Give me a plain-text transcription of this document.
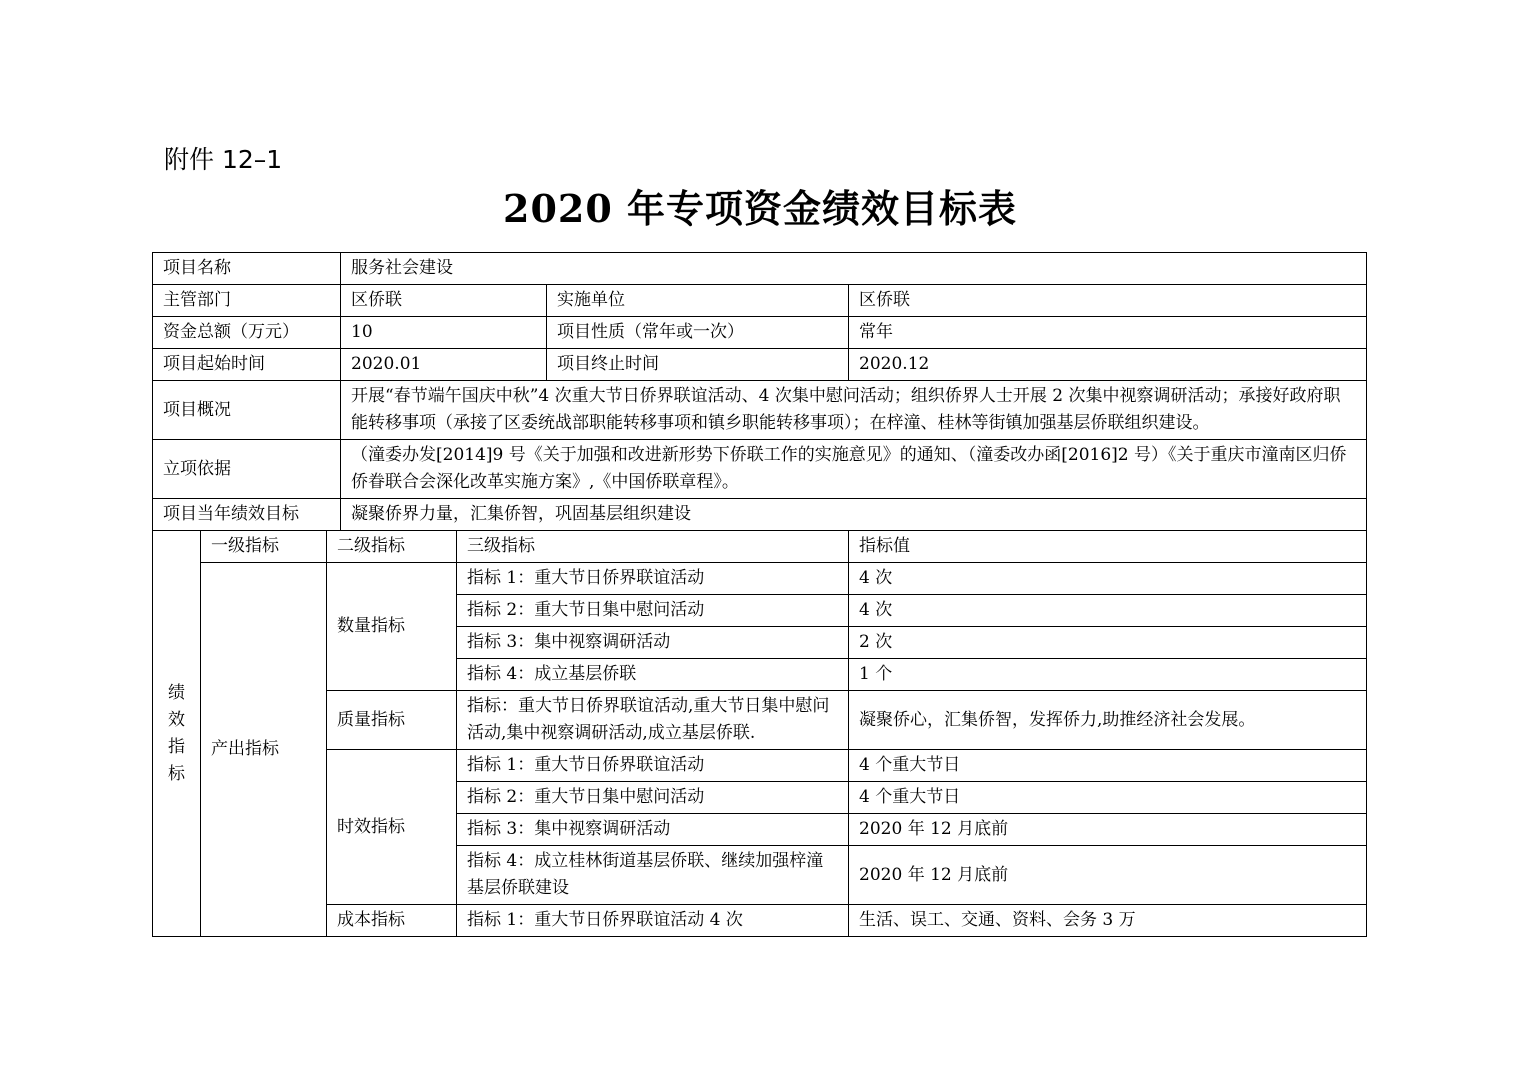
附件 12–1
2020 年专项资金绩效目标表
项目名称			服务社会建设			
主管部门			区侨联		实施单位	区侨联
资金总额（万元）			10		项目性质（常年或一次）	常年
项目起始时间			2020.01		项目终止时间	2020.12
项目概况			开展“春节端午国庆中秋”4 次重大节日侨界联谊活动、4 次集中慰问活动；组织侨界人士开展 2 次集中视察调研活动；承接好政府职能转移事项（承接了区委统战部职能转移事项和镇乡职能转移事项）；在梓潼、桂林等街镇加强基层侨联组织建设。			
立项依据			（潼委办发[2014]9 号《关于加强和改进新形势下侨联工作的实施意见》的通知、（潼委改办函[2016]2 号）《关于重庆市潼南区归侨侨眷联合会深化改革实施方案》,《中国侨联章程》。			
项目当年绩效目标			凝聚侨界力量，汇集侨智，巩固基层组织建设			

绩
效
指
标	一级指标	二级指标		三级指标		指标值
	产出指标	数量指标		指标 1：重大节日侨界联谊活动		4 次
				指标 2：重大节日集中慰问活动		4 次
				指标 3：集中视察调研活动		2 次
				指标 4：成立基层侨联		1 个
		质量指标		指标：重大节日侨界联谊活动,重大节日集中慰问活动,集中视察调研活动,成立基层侨联.		凝聚侨心，汇集侨智，发挥侨力,助推经济社会发展。
		时效指标		指标 1：重大节日侨界联谊活动		4 个重大节日
				指标 2：重大节日集中慰问活动		4 个重大节日
				指标 3：集中视察调研活动		2020 年 12 月底前
				指标 4：成立桂林街道基层侨联、继续加强梓潼基层侨联建设		2020 年 12 月底前
		成本指标		指标 1：重大节日侨界联谊活动 4 次		生活、误工、交通、资料、会务 3 万
